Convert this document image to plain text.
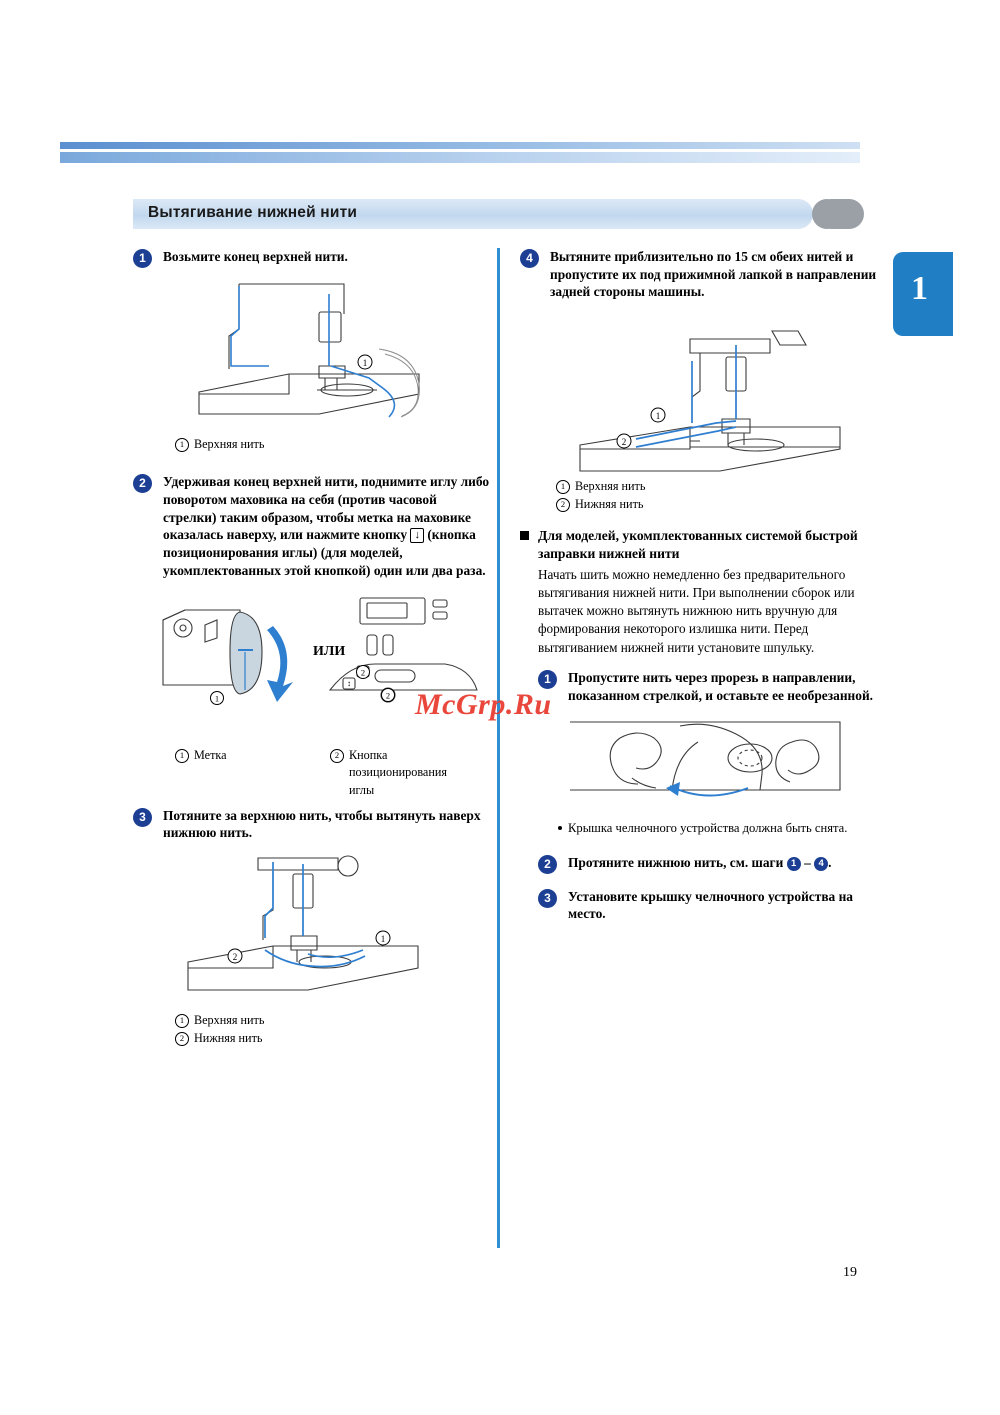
Вытягивание нижней нити
1
1	Возьмите конец верхней нити.
1
1 Верхняя нить
2	Удерживая конец верхней нити, поднимите иглу либо поворотом маховика на себя (против часовой стрелки) таким образом, чтобы метка на маховике оказалась наверху, или нажмите кнопку ↓ (кнопка позиционирования иглы) (для моделей, укомплектованных этой кнопкой) один или два раза.
ИЛИ
↕
2
2
1
1 Метка	2 Кнопка позиционирования иглы
3	Потяните за верхнюю нить, чтобы вытянуть наверх нижнюю нить.
1
2
1 Верхняя нить
2 Нижняя нить
4	Вытяните приблизительно по 15 см обеих нитей и пропустите их под прижимной лапкой в направлении задней стороны машины.
1
2
1 Верхняя нить
2 Нижняя нить
Для моделей, укомплектованных системой быстрой заправки нижней нити
Начать шить можно немедленно без предварительного вытягивания нижней нити. При выполнении сборок или вытачек можно вытянуть нижнюю нить вручную для формирования некоторого излишка нити. Перед вытягиванием нижней нити установите шпульку.
1	Пропустите нить через прорезь в направлении, показанном стрелкой, и оставьте ее необрезанной.
Крышка челночного устройства должна быть снята.
2	Протяните нижнюю нить, см. шаги 1 – 4 .
3	Установите крышку челночного устройства на место.
McGrp.Ru
19
